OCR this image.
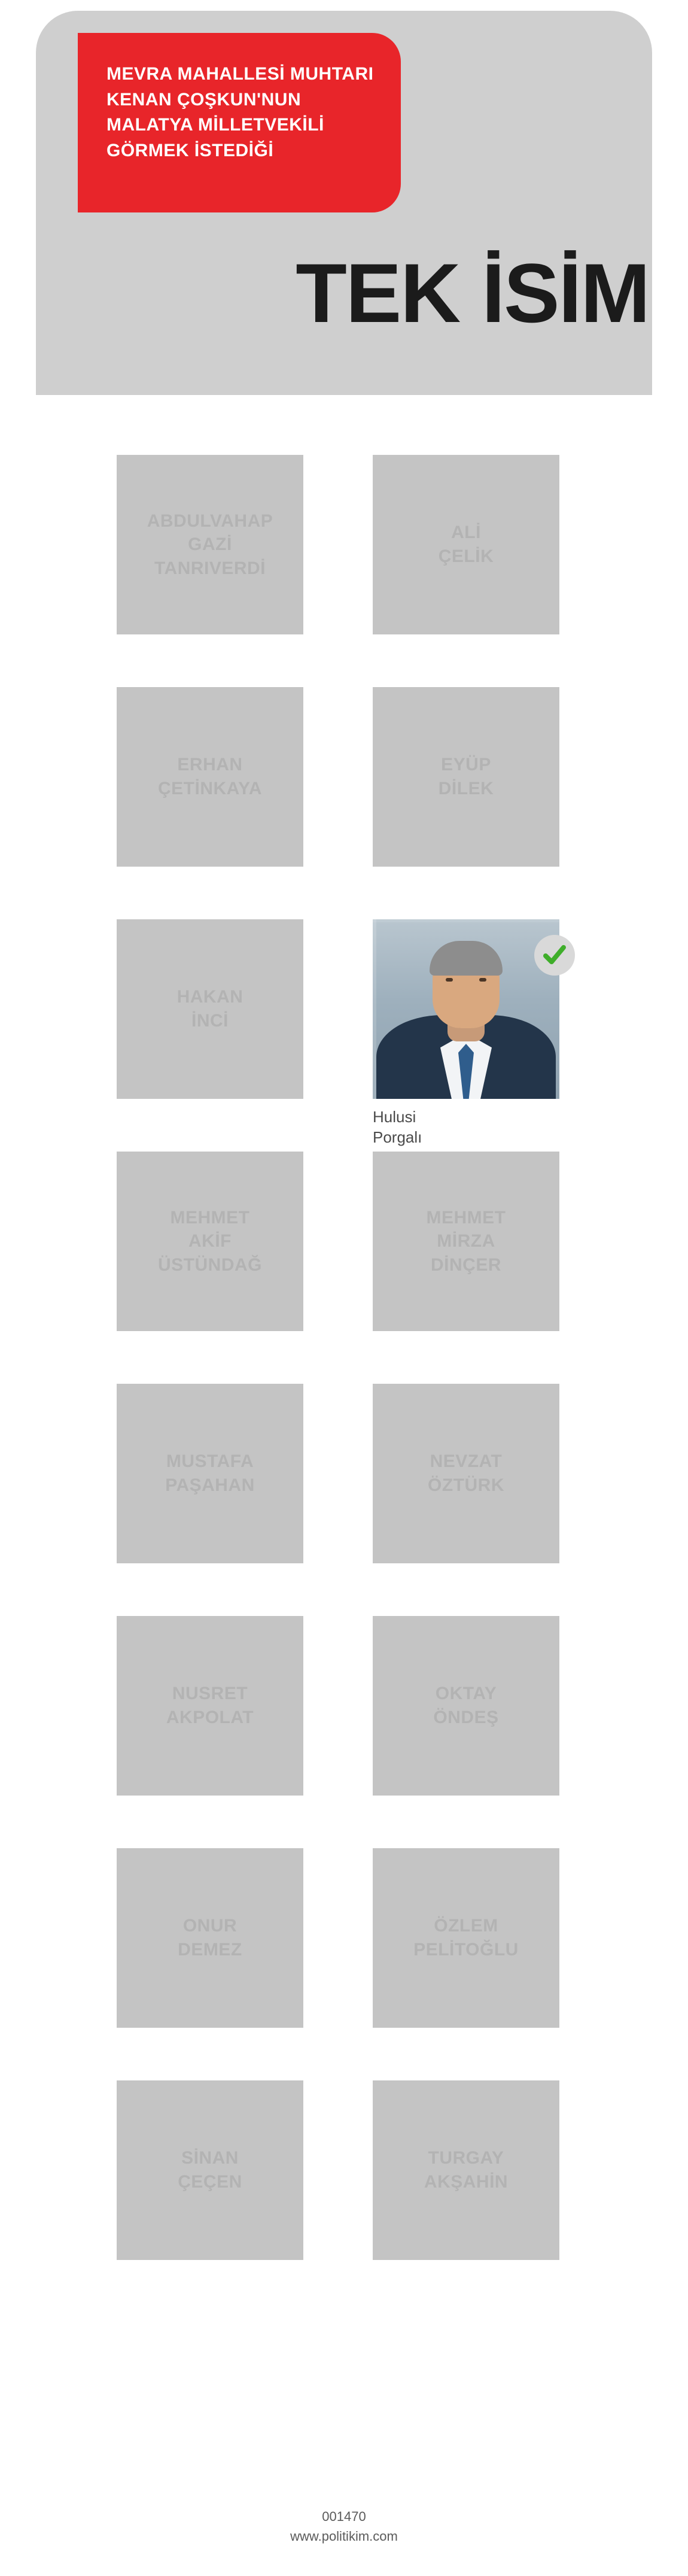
MEVRA MAHALLESİ MUHTARI
KENAN ÇOŞKUN'NUN
MALATYA MİLLETVEKİLİ
GÖRMEK İSTEDİĞİ
TEK İSİM
ABDULVAHAP
GAZİ
TANRIVERDİ
ALİ
ÇELİK
ERHAN
ÇETİNKAYA
EYÜP
DİLEK
HAKAN
İNCİ
Hulusi
Porgalı
MEHMET
AKİF
ÜSTÜNDAĞ
MEHMET
MİRZA
DİNÇER
MUSTAFA
PAŞAHAN
NEVZAT
ÖZTÜRK
NUSRET
AKPOLAT
OKTAY
ÖNDEŞ
ONUR
DEMEZ
ÖZLEM
PELİTOĞLU
SİNAN
ÇEÇEN
TURGAY
AKŞAHİN
001470
www.politikim.com
